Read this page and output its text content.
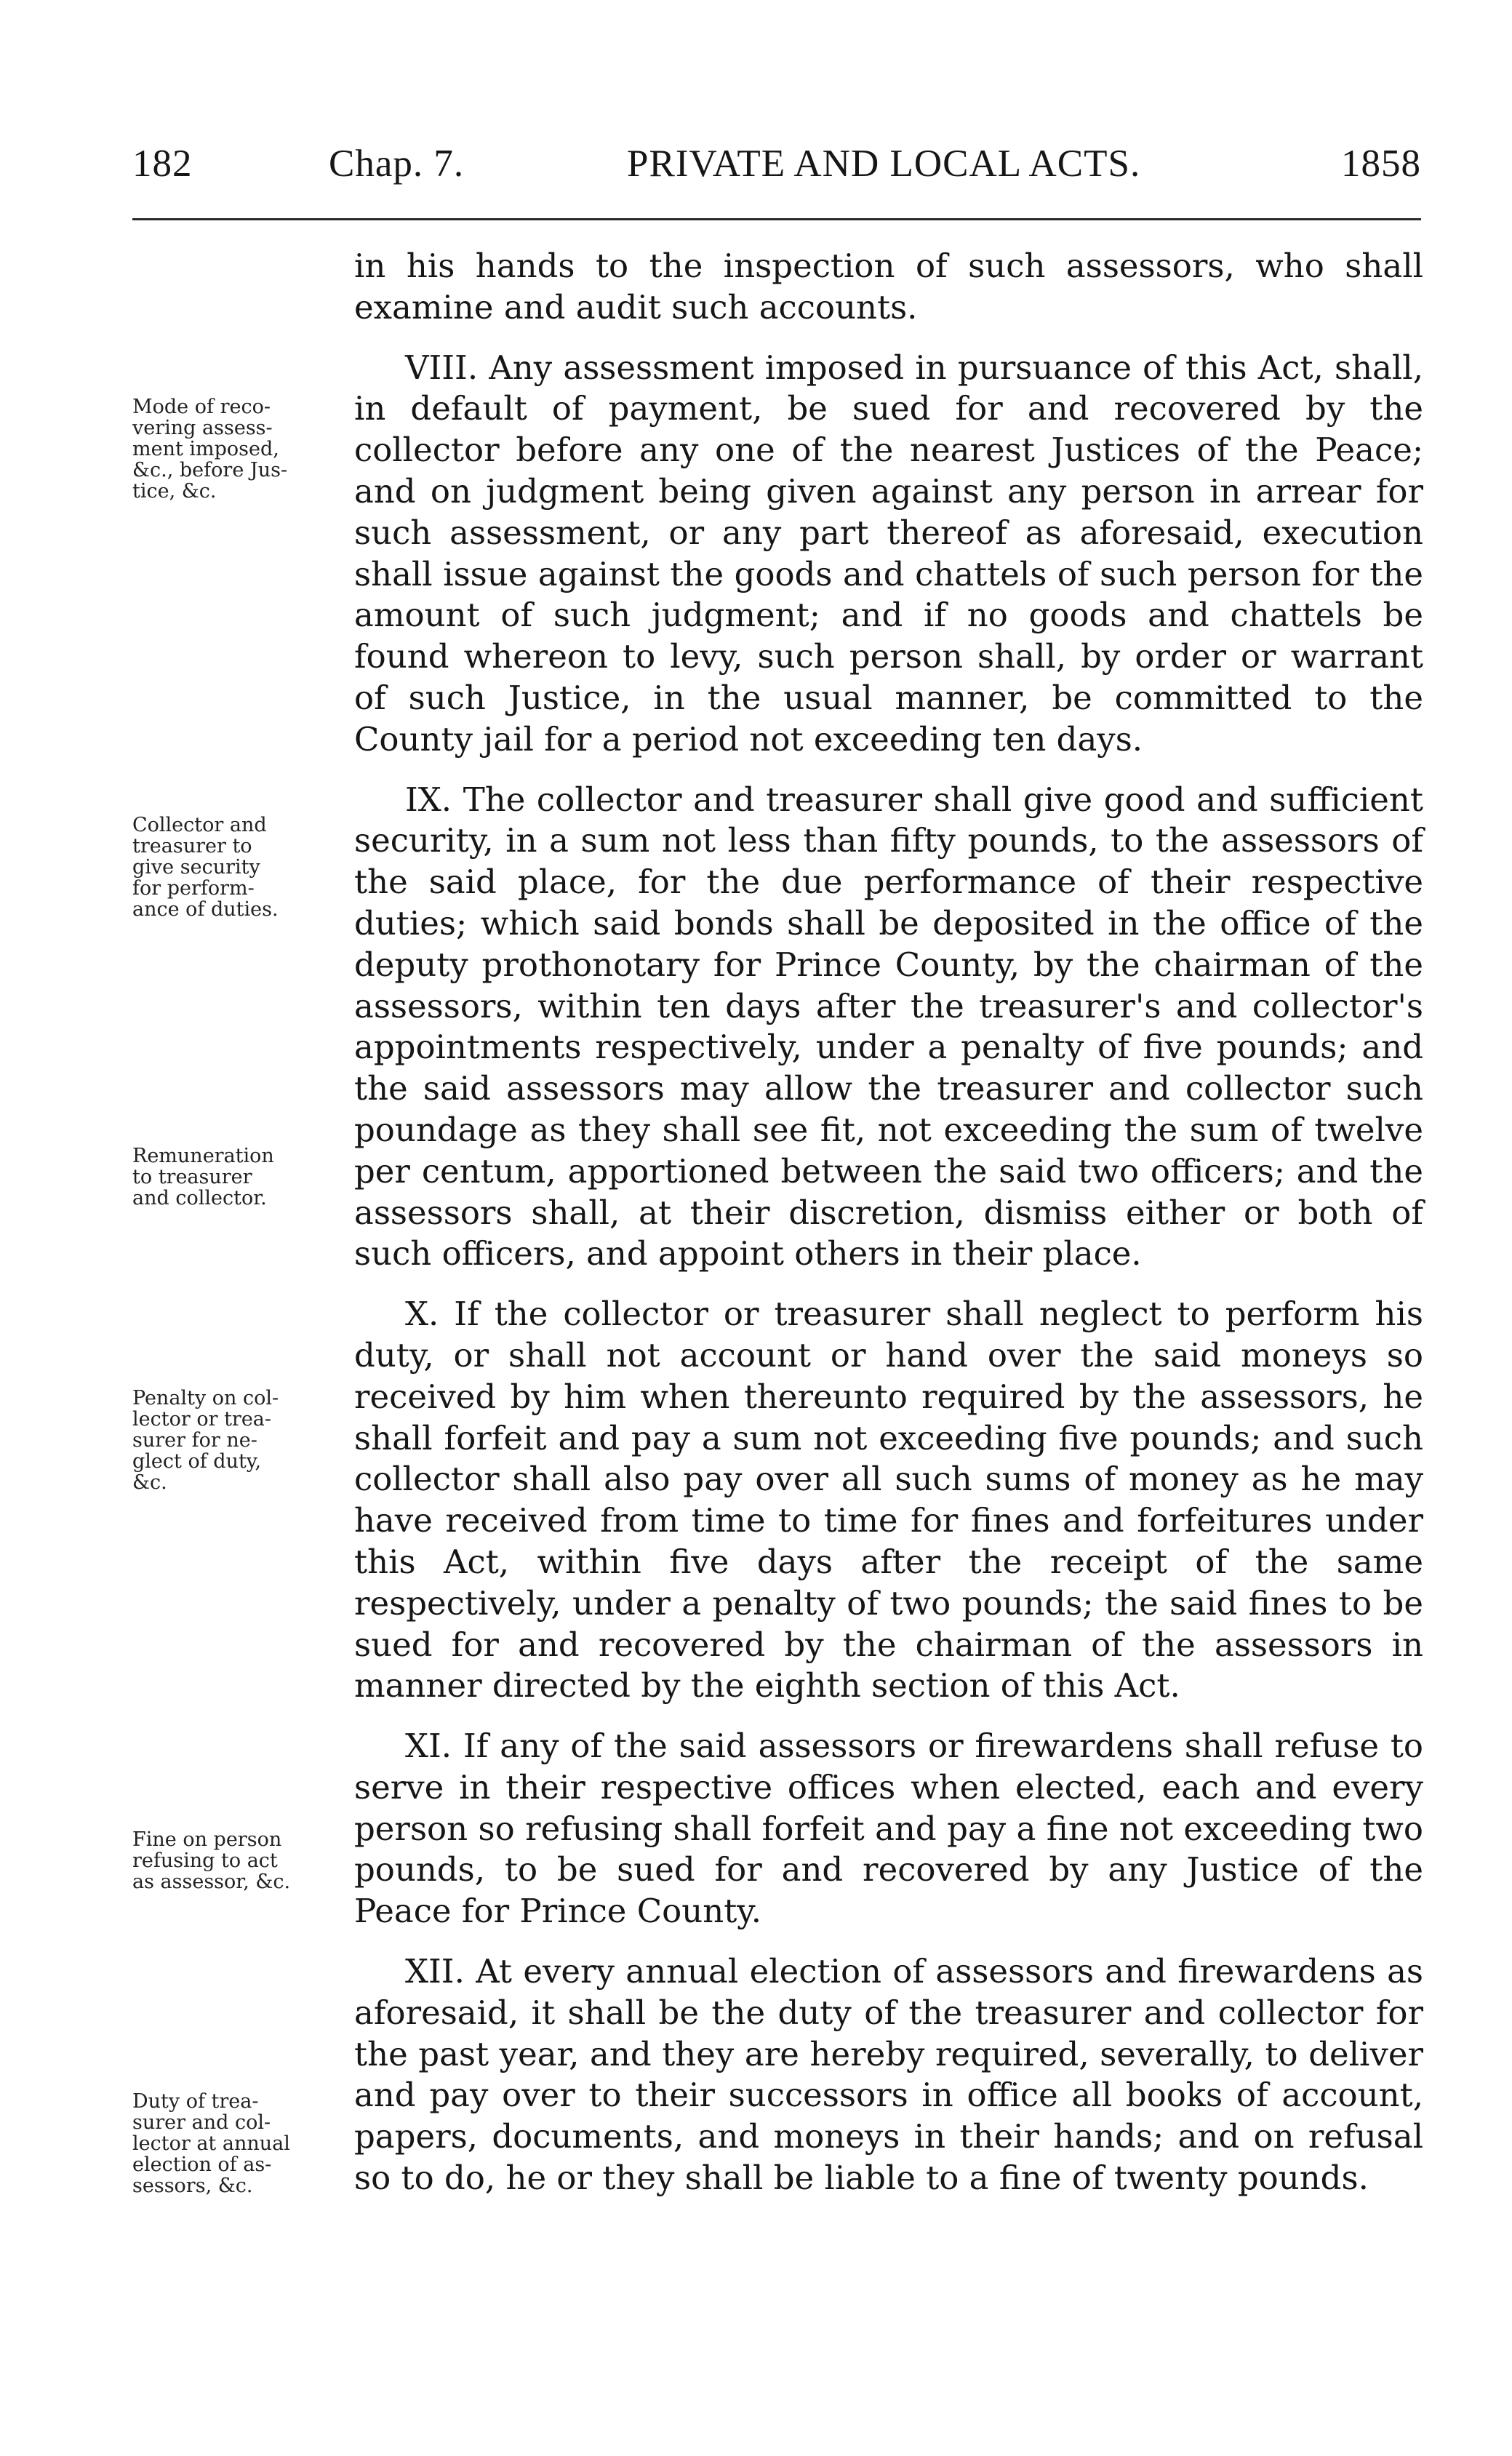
182	Chap. 7.	PRIVATE AND LOCAL ACTS.	1858
Mode of reco-
vering assess-
ment imposed,
&c., before Jus-
tice, &c.
Collector and
treasurer to
give security
for perform-
ance of duties.
Remuneration
to treasurer
and collector.
Penalty on col-
lector or trea-
surer for ne-
glect of duty,
&c.
Fine on person
refusing to act
as assessor, &c.
Duty of trea-
surer and col-
lector at annual
election of as-
sessors, &c.

in his hands to the inspection of such assessors, who shall examine and audit such accounts.

VIII. Any assessment imposed in pursuance of this Act, shall, in default of payment, be sued for and recovered by the collector before any one of the nearest Justices of the Peace; and on judgment being given against any person in arrear for such assessment, or any part thereof as aforesaid, execution shall issue against the goods and chattels of such person for the amount of such judgment; and if no goods and chattels be found whereon to levy, such person shall, by order or warrant of such Justice, in the usual manner, be committed to the County jail for a period not exceeding ten days.

IX. The collector and treasurer shall give good and sufficient security, in a sum not less than fifty pounds, to the assessors of the said place, for the due performance of their respective duties; which said bonds shall be deposited in the office of the deputy prothonotary for Prince County, by the chairman of the assessors, within ten days after the treasurer's and collector's appointments respectively, under a penalty of five pounds; and the said assessors may allow the treasurer and collector such poundage as they shall see fit, not exceeding the sum of twelve per centum, apportioned between the said two officers; and the assessors shall, at their discretion, dismiss either or both of such officers, and appoint others in their place.

X. If the collector or treasurer shall neglect to perform his duty, or shall not account or hand over the said moneys so received by him when thereunto required by the assessors, he shall forfeit and pay a sum not exceeding five pounds; and such collector shall also pay over all such sums of money as he may have received from time to time for fines and forfeitures under this Act, within five days after the receipt of the same respectively, under a penalty of two pounds; the said fines to be sued for and recovered by the chairman of the assessors in manner directed by the eighth section of this Act.

XI. If any of the said assessors or firewardens shall refuse to serve in their respective offices when elected, each and every person so refusing shall forfeit and pay a fine not exceeding two pounds, to be sued for and recovered by any Justice of the Peace for Prince County.

XII. At every annual election of assessors and firewardens as aforesaid, it shall be the duty of the treasurer and collector for the past year, and they are hereby required, severally, to deliver and pay over to their successors in office all books of account, papers, documents, and moneys in their hands; and on refusal so to do, he or they shall be liable to a fine of twenty pounds.
